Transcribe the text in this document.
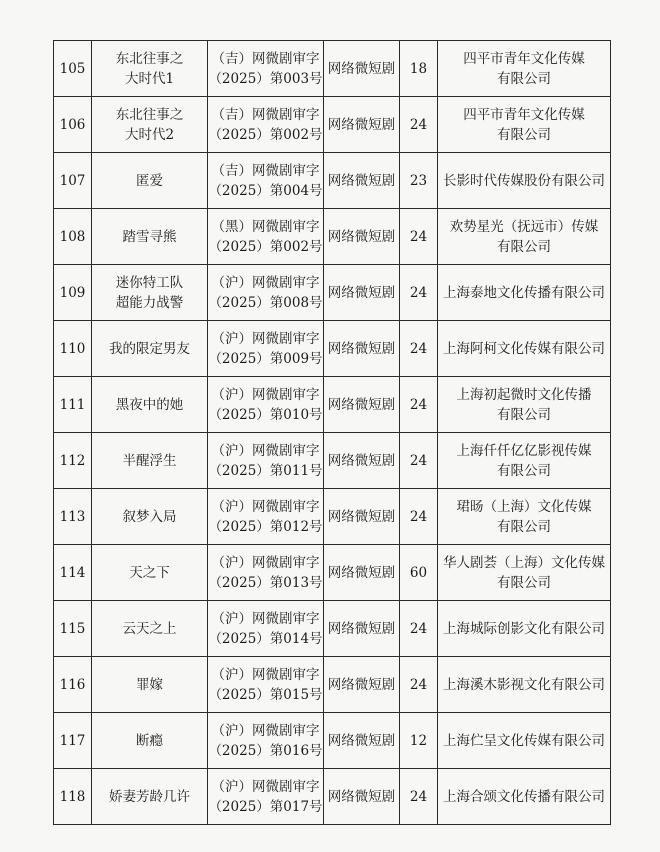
105	东北往事之
大时代1	（吉）网微剧审字
（2025）第003号	网络微短剧	18	四平市青年文化传媒
有限公司

106	东北往事之
大时代2	（吉）网微剧审字
（2025）第002号	网络微短剧	24	四平市青年文化传媒
有限公司

107	匿爱	（吉）网微剧审字
（2025）第004号	网络微短剧	23	长影时代传媒股份有限公司

108	踏雪寻熊	（黑）网微剧审字
（2025）第002号	网络微短剧	24	欢势星光（抚远市）传媒
有限公司

109	迷你特工队
超能力战警	（沪）网微剧审字
（2025）第008号	网络微短剧	24	上海泰地文化传播有限公司

110	我的限定男友	（沪）网微剧审字
（2025）第009号	网络微短剧	24	上海阿柯文化传媒有限公司

111	黑夜中的她	（沪）网微剧审字
（2025）第010号	网络微短剧	24	上海初起微时文化传播
有限公司

112	半醒浮生	（沪）网微剧审字
（2025）第011号	网络微短剧	24	上海仟仟亿亿影视传媒
有限公司

113	叙梦入局	（沪）网微剧审字
（2025）第012号	网络微短剧	24	珺旸（上海）文化传媒
有限公司

114	天之下	（沪）网微剧审字
（2025）第013号	网络微短剧	60	华人剧荟（上海）文化传媒
有限公司

115	云天之上	（沪）网微剧审字
（2025）第014号	网络微短剧	24	上海城际创影文化有限公司

116	罪嫁	（沪）网微剧审字
（2025）第015号	网络微短剧	24	上海溪木影视文化有限公司

117	断瘾	（沪）网微剧审字
（2025）第016号	网络微短剧	12	上海伫呈文化传媒有限公司

118	娇妻芳龄几许	（沪）网微剧审字
（2025）第017号	网络微短剧	24	上海合颂文化传播有限公司
